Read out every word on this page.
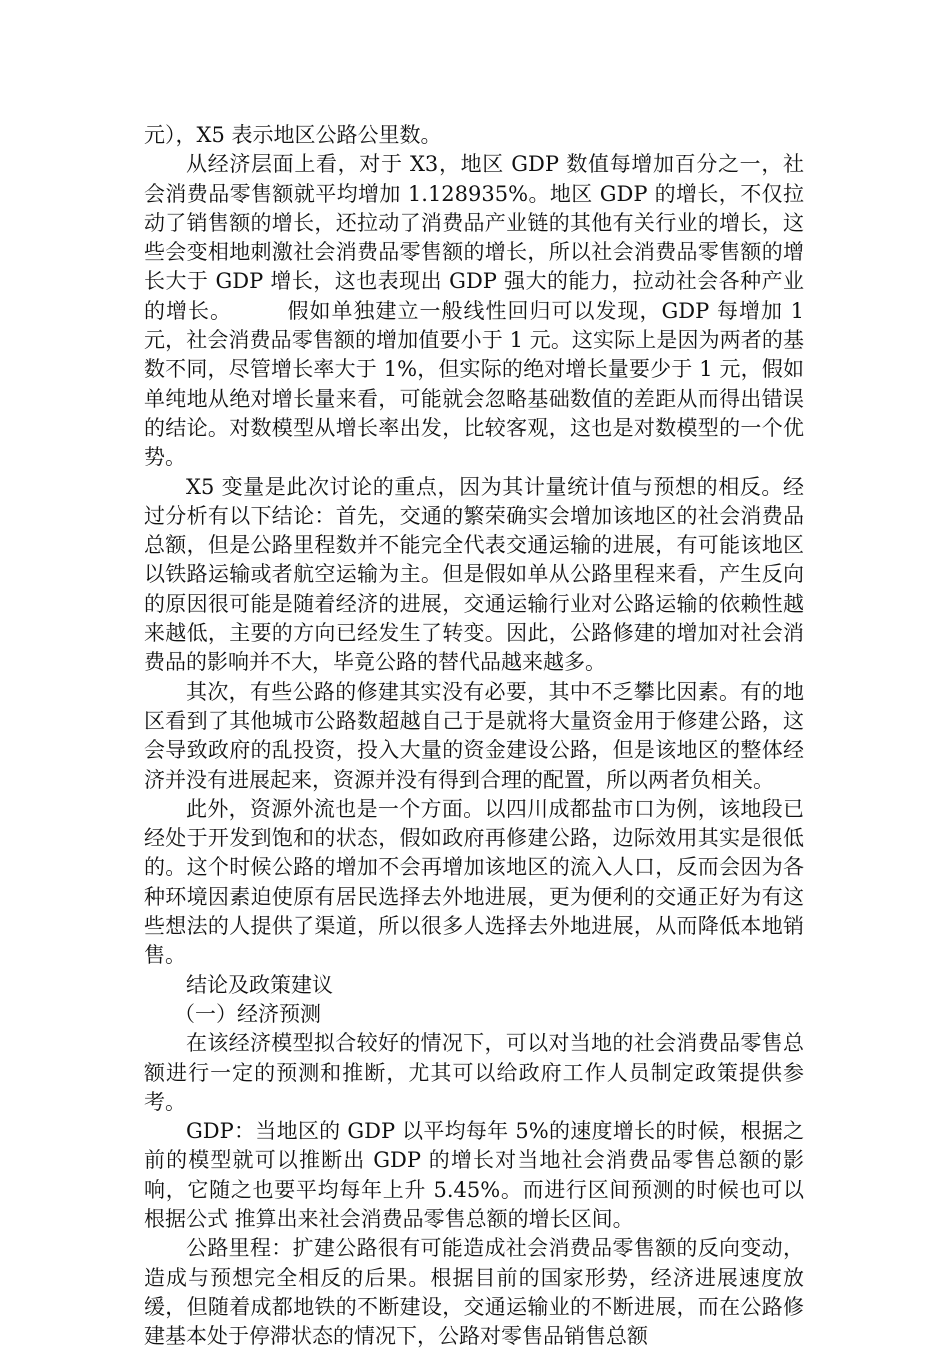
元），X5 表示地区公路公里数。

从经济层面上看，对于 X3，地区 GDP 数值每增加百分之一，社会消费品零售额就平均增加 1.128935%。地区 GDP 的增长，不仅拉动了销售额的增长，还拉动了消费品产业链的其他有关行业的增长，这些会变相地刺激社会消费品零售额的增长，所以社会消费品零售额的增长大于 GDP 增长，这也表现出 GDP 强大的能力，拉动社会各种产业的增长。　　　假如单独建立一般线性回归可以发现，GDP 每增加 1 元，社会消费品零售额的增加值要小于 1 元。这实际上是因为两者的基数不同，尽管增长率大于 1%，但实际的绝对增长量要少于 1 元，假如单纯地从绝对增长量来看，可能就会忽略基础数值的差距从而得出错误的结论。对数模型从增长率出发，比较客观，这也是对数模型的一个优势。

X5 变量是此次讨论的重点，因为其计量统计值与预想的相反。经过分析有以下结论：首先，交通的繁荣确实会增加该地区的社会消费品总额，但是公路里程数并不能完全代表交通运输的进展，有可能该地区以铁路运输或者航空运输为主。但是假如单从公路里程来看，产生反向的原因很可能是随着经济的进展，交通运输行业对公路运输的依赖性越来越低，主要的方向已经发生了转变。因此，公路修建的增加对社会消费品的影响并不大，毕竟公路的替代品越来越多。

其次，有些公路的修建其实没有必要，其中不乏攀比因素。有的地区看到了其他城市公路数超越自己于是就将大量资金用于修建公路，这会导致政府的乱投资，投入大量的资金建设公路，但是该地区的整体经济并没有进展起来，资源并没有得到合理的配置，所以两者负相关。

此外，资源外流也是一个方面。以四川成都盐市口为例，该地段已经处于开发到饱和的状态，假如政府再修建公路，边际效用其实是很低的。这个时候公路的增加不会再增加该地区的流入人口，反而会因为各种环境因素迫使原有居民选择去外地进展，更为便利的交通正好为有这些想法的人提供了渠道，所以很多人选择去外地进展，从而降低本地销售。

结论及政策建议

（一）经济预测

在该经济模型拟合较好的情况下，可以对当地的社会消费品零售总额进行一定的预测和推断，尤其可以给政府工作人员制定政策提供参考。

GDP：当地区的 GDP 以平均每年 5%的速度增长的时候，根据之前的模型就可以推断出 GDP 的增长对当地社会消费品零售总额的影响，它随之也要平均每年上升 5.45%。而进行区间预测的时候也可以根据公式 推算出来社会消费品零售总额的增长区间。

公路里程：扩建公路很有可能造成社会消费品零售额的反向变动，造成与预想完全相反的后果。根据目前的国家形势，经济进展速度放缓，但随着成都地铁的不断建设，交通运输业的不断进展，而在公路修建基本处于停滞状态的情况下，公路对零售品销售总额
